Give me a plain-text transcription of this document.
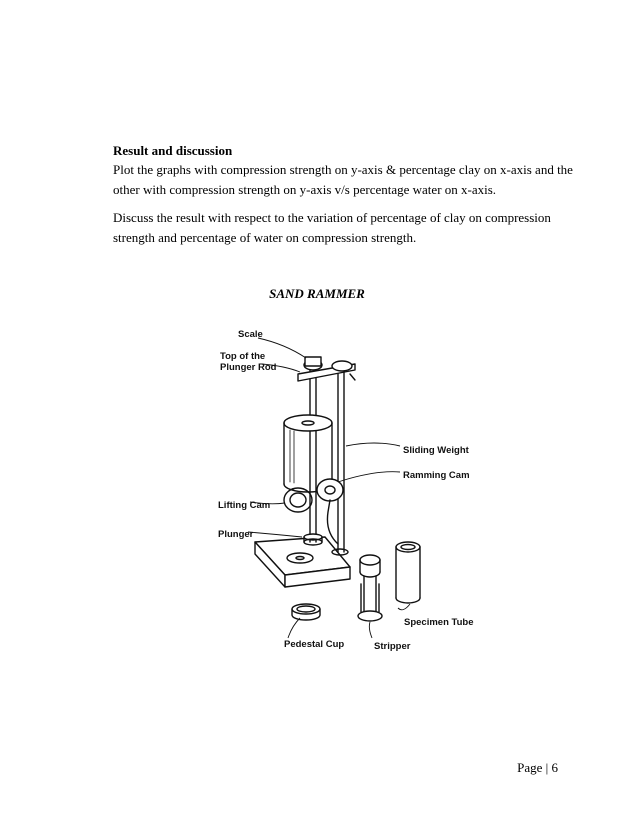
Result and discussion

Plot the graphs with compression strength on y-axis & percentage clay on x-axis and the other with compression strength on y-axis v/s percentage water on x-axis.

Discuss the result with respect to the variation of percentage of clay on compression strength and percentage of water on compression strength.

SAND RAMMER
Scale
Top of the
Plunger Rod
Sliding Weight
Ramming Cam
Lifting Cam
Plunger
Specimen Tube
Pedestal Cup	Stripper
Page | 6
